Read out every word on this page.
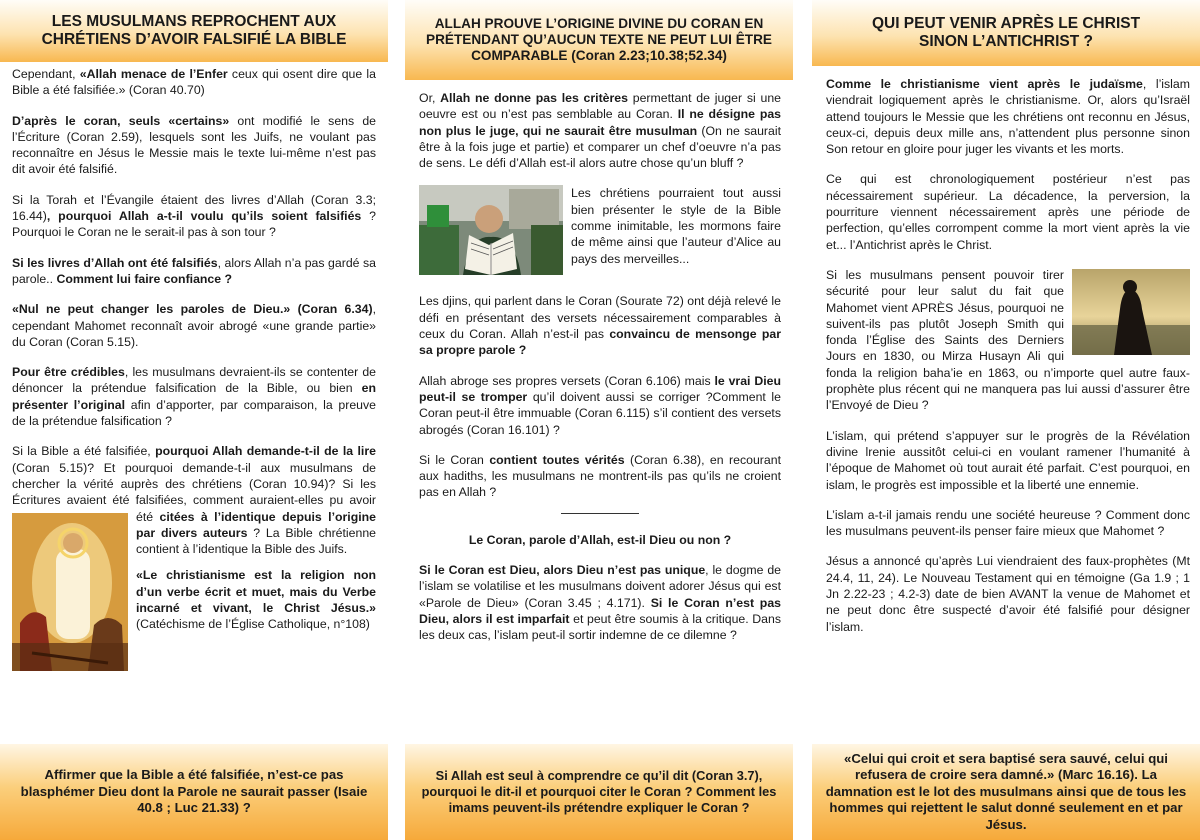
LES MUSULMANS REPROCHENT AUX CHRÉTIENS D’AVOIR FALSIFIÉ LA BIBLE

Cependant, «Allah menace de l’Enfer ceux qui osent dire que la Bible a été falsifiée.» (Coran 40.70)

D’après le coran, seuls «certains» ont modifié le sens de l’Écriture (Coran 2.59), lesquels sont les Juifs, ne voulant pas reconnaître en Jésus le Messie mais le texte lui-même n’est pas dit avoir été falsifié.

Si la Torah et l’Évangile étaient des livres d’Allah (Coran 3.3; 16.44), pourquoi Allah a-t-il voulu qu’ils soient falsifiés ? Pourquoi le Coran ne le serait-il pas à son tour ?

Si les livres d’Allah ont été falsifiés, alors Allah n’a pas gardé sa parole.. Comment lui faire confiance ?

«Nul ne peut changer les paroles de Dieu.» (Coran 6.34), cependant Mahomet reconnaît avoir abrogé «une grande partie» du Coran (Coran 5.15).

Pour être crédibles, les musulmans devraient-ils se contenter de dénoncer la prétendue falsification de la Bible, ou bien en présenter l’original afin d’apporter, par comparaison, la preuve de la prétendue falsification ?

Si la Bible a été falsifiée, pourquoi Allah demande-t-il de la lire (Coran 5.15)? Et pourquoi demande-t-il aux musulmans de chercher la vérité auprès des chrétiens (Coran 10.94)? Si les Écritures avaient été falsifiées, comment auraient-elles pu avoir été
citées à l’identique depuis l’origine par divers auteurs ? La Bible chrétienne contient à l’identique la Bible des Juifs.

«Le christianisme est la religion non d’un verbe écrit et muet, mais du Verbe incarné et vivant, le Christ Jésus.» (Catéchisme de l’Église Catholique, n°108)

Affirmer que la Bible a été falsifiée, n’est-ce pas blasphémer Dieu dont la Parole ne saurait passer (Isaie 40.8 ; Luc 21.33) ?
ALLAH PROUVE L’ORIGINE DIVINE DU CORAN EN PRÉTENDANT QU’AUCUN TEXTE NE PEUT LUI ÊTRE COMPARABLE (Coran 2.23;10.38;52.34)

Or, Allah ne donne pas les critères permettant de juger si une oeuvre est ou n’est pas semblable au Coran. Il ne désigne pas non plus le juge, qui ne saurait être musulman (On ne saurait être à la fois juge et partie) et comparer un chef d’oeuvre n’a pas de sens. Le défi d’Allah est-il alors autre chose qu’un bluff ?

Les chrétiens pourraient tout aussi bien présenter le style de la Bible comme inimitable, les mormons faire de même ainsi que l’auteur d’Alice au pays des merveilles...

Les djins, qui parlent dans le Coran (Sourate 72) ont déjà relevé le défi en présentant des versets nécessairement comparables à ceux du Coran. Allah n’est-il pas convaincu de mensonge par sa propre parole ?

Allah abroge ses propres versets (Coran 6.106) mais le vrai Dieu peut-il se tromper qu’il doivent aussi se corriger ?Comment le Coran peut-il être immuable (Coran 6.115) s’il contient des versets abrogés (Coran 16.101) ?

Si le Coran contient toutes vérités (Coran 6.38), en recourant aux hadiths, les musulmans ne montrent-ils pas qu’ils ne croient pas en Allah ?

Le Coran, parole d’Allah, est-il Dieu ou non ?

Si le Coran est Dieu, alors Dieu n’est pas unique, le dogme de l’islam se volatilise et les musulmans doivent adorer Jésus qui est «Parole de Dieu» (Coran 3.45 ; 4.171). Si le Coran n’est pas Dieu, alors il est imparfait et peut être soumis à la critique. Dans les deux cas, l’islam peut-il sortir indemne de ce dilemne ?

Si Allah est seul à comprendre ce qu’il dit (Coran 3.7), pourquoi le dit-il et pourquoi citer le Coran ? Comment les imams peuvent-ils prétendre expliquer le Coran ?
QUI PEUT VENIR APRÈS LE CHRIST SINON L’ANTICHRIST ?

Comme le christianisme vient après le judaïsme, l’islam viendrait logiquement après le christianisme. Or, alors qu’Israël attend toujours le Messie que les chrétiens ont reconnu en Jésus, ceux-ci, depuis deux mille ans, n’attendent plus personne sinon Son retour en gloire pour juger les vivants et les morts.

Ce qui est chronologiquement postérieur n’est pas nécessairement supérieur. La décadence, la perversion, la pourriture viennent nécessairement après une période de perfection, qu’elles corrompent comme la mort vient après la vie et... l’Antichrist après le Christ.

Si les musulmans pensent pouvoir tirer sécurité pour leur salut du fait que Mahomet vient APRÈS Jésus, pourquoi ne suivent-ils pas plutôt Joseph Smith qui fonda l’Église des Saints des Derniers Jours en 1830, ou Mirza Husayn Ali qui fonda la religion baha’ie en 1863, ou n’importe quel autre faux-prophète plus récent qui ne manquera pas lui aussi d’assurer être l’Envoyé de Dieu ?

L’islam, qui prétend s’appuyer sur le progrès de la Révélation divine lrenie aussitôt celui-ci en voulant ramener l’humanité à l’époque de Mahomet où tout aurait été parfait. C’est pourquoi, en islam, le progrès est impossible et la liberté une ennemie.

L’islam a-t-il jamais rendu une société heureuse ? Comment donc les musulmans peuvent-ils penser faire mieux que Mahomet ?

Jésus a annoncé qu’après Lui viendraient des faux-prophètes (Mt 24.4, 11, 24). Le Nouveau Testament qui en témoigne (Ga 1.9 ; 1 Jn 2.22-23 ; 4.2-3) date de bien AVANT la venue de Mahomet et ne peut donc être suspecté d’avoir été falsifié pour désigner l’islam.

«Celui qui croit et sera baptisé sera sauvé, celui qui refusera de croire sera damné.» (Marc 16.16). La damnation est le lot des musulmans ainsi que de tous les hommes qui rejettent le salut donné seulement en et par Jésus.
